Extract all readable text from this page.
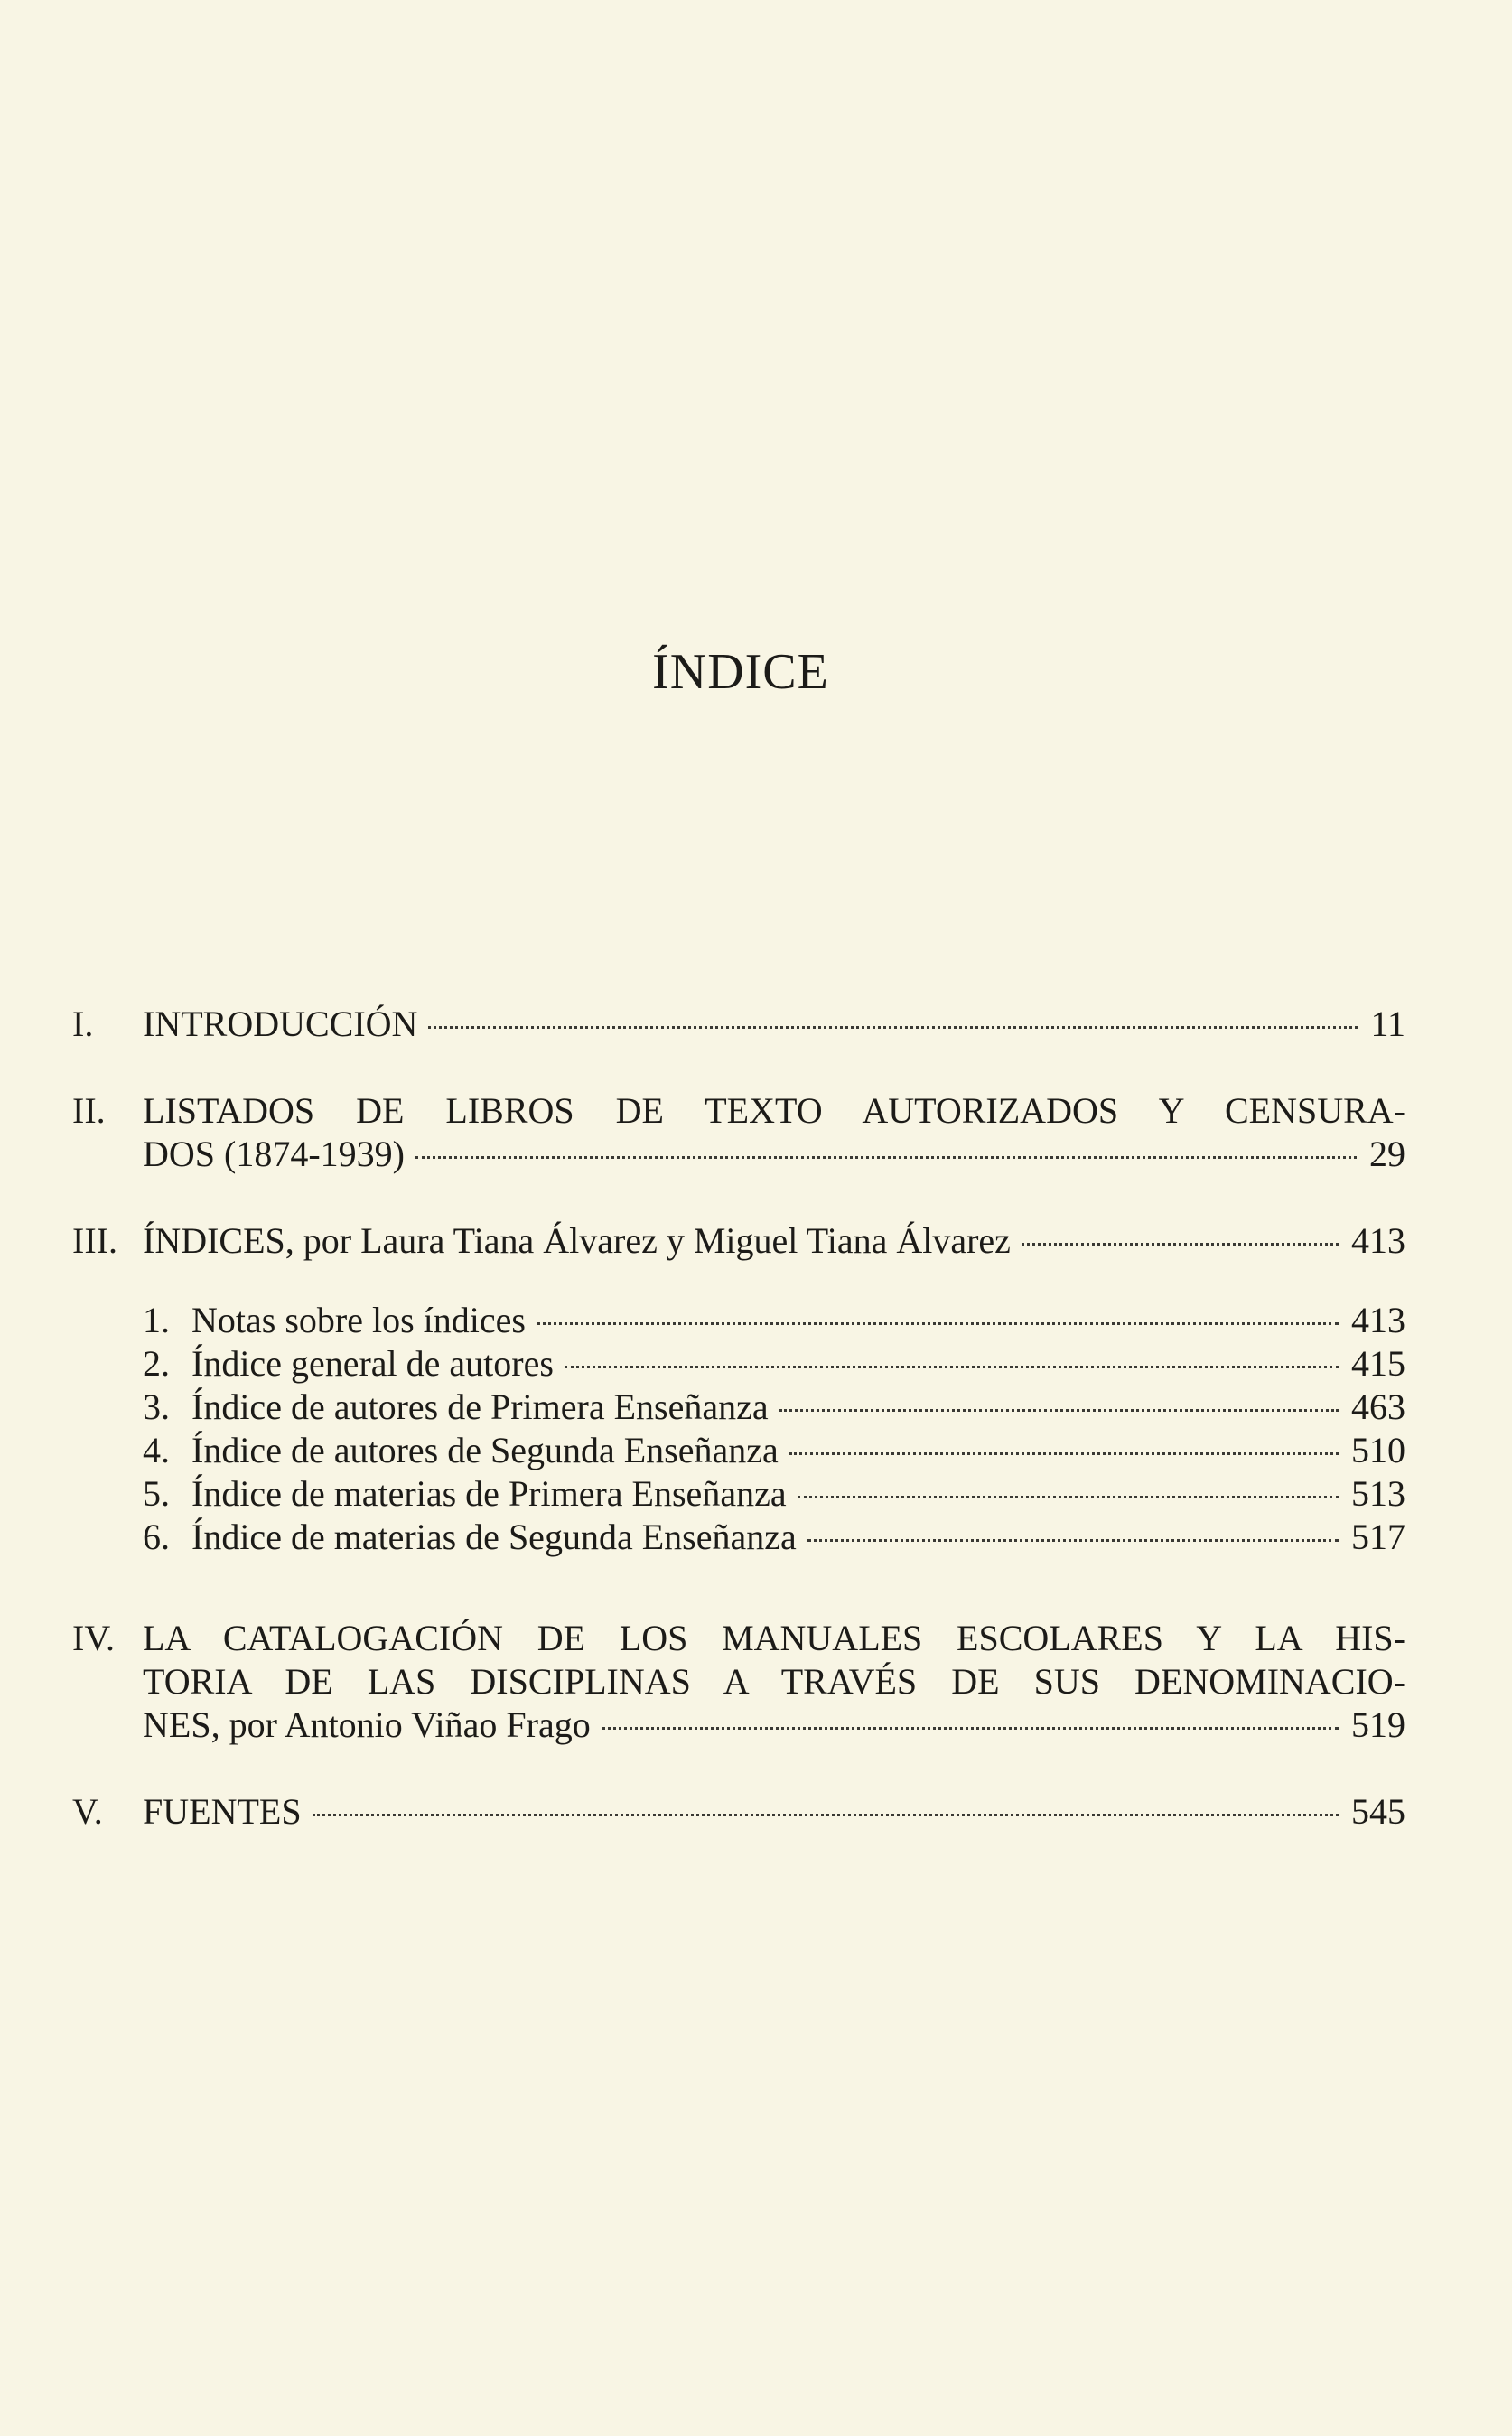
ÍNDICE
I.	INTRODUCCIÓN	11
II.	LISTADOS DE LIBROS DE TEXTO AUTORIZADOS Y CENSURA-
DOS (1874-1939)	29
III. ÍNDICES, por Laura Tiana Álvarez y Miguel Tiana Álvarez	413
1. Notas sobre los índices	413
2. Índice general de autores	415
3. Índice de autores de Primera Enseñanza	463
4. Índice de autores de Segunda Enseñanza	510
5. Índice de materias de Primera Enseñanza	513
6. Índice de materias de Segunda Enseñanza	517
IV. LA CATALOGACIÓN DE LOS MANUALES ESCOLARES Y LA HIS-
TORIA DE LAS DISCIPLINAS A TRAVÉS DE SUS DENOMINACIO-
NES, por Antonio Viñao Frago	519
V.	FUENTES	545
